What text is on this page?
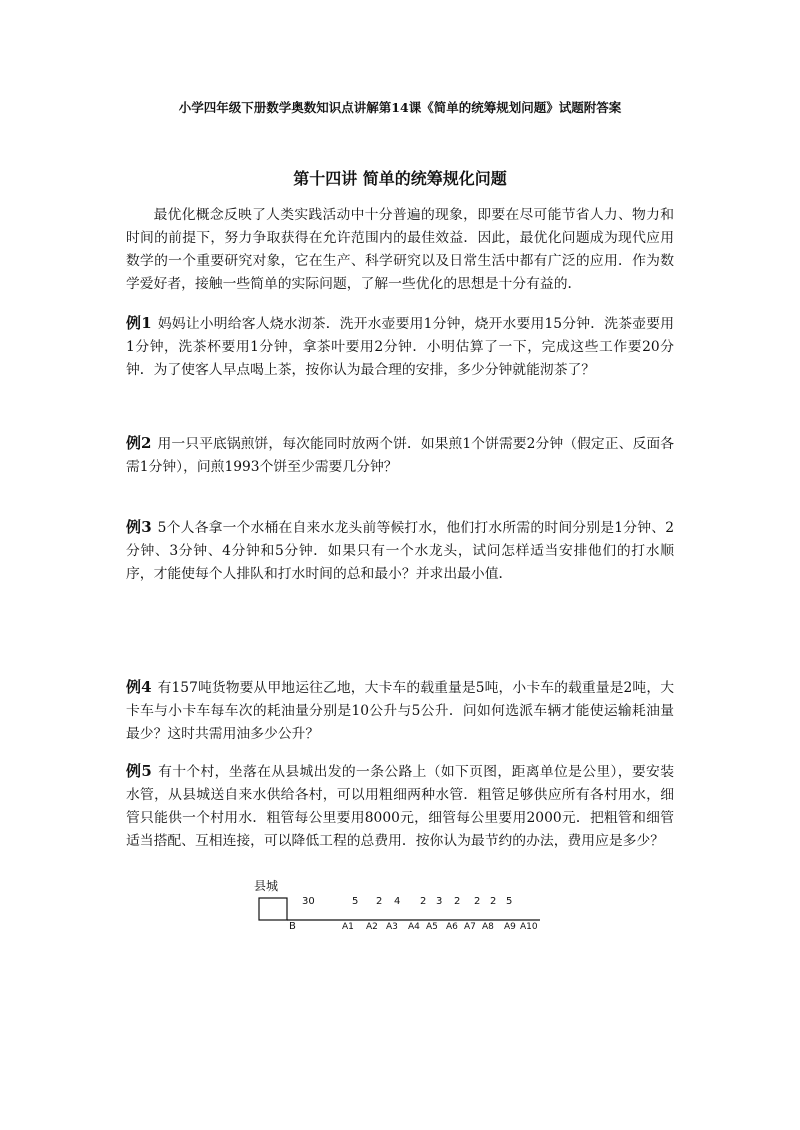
小学四年级下册数学奥数知识点讲解第14课《简单的统筹规划问题》试题附答案
第十四讲 简单的统筹规化问题

最优化概念反映了人类实践活动中十分普遍的现象，即要在尽可能节省人力、物力和时间的前提下，努力争取获得在允许范围内的最佳效益．因此，最优化问题成为现代应用数学的一个重要研究对象，它在生产、科学研究以及日常生活中都有广泛的应用．作为数学爱好者，接触一些简单的实际问题，了解一些优化的思想是十分有益的．

例1 妈妈让小明给客人烧水沏茶．洗开水壶要用1分钟，烧开水要用15分钟．洗茶壶要用1分钟，洗茶杯要用1分钟，拿茶叶要用2分钟．小明估算了一下，完成这些工作要20分钟．为了使客人早点喝上茶，按你认为最合理的安排，多少分钟就能沏茶了？

例2 用一只平底锅煎饼，每次能同时放两个饼．如果煎1个饼需要2分钟（假定正、反面各需1分钟），问煎1993个饼至少需要几分钟？

例3 5个人各拿一个水桶在自来水龙头前等候打水，他们打水所需的时间分别是1分钟、2分钟、3分钟、4分钟和5分钟．如果只有一个水龙头，试问怎样适当安排他们的打水顺序，才能使每个人排队和打水时间的总和最小？并求出最小值．

例4 有157吨货物要从甲地运往乙地，大卡车的载重量是5吨，小卡车的载重量是2吨，大卡车与小卡车每车次的耗油量分别是10公升与5公升．问如何选派车辆才能使运输耗油量最少？这时共需用油多少公升？

例5 有十个村，坐落在从县城出发的一条公路上（如下页图，距离单位是公里），要安装水管，从县城送自来水供给各村，可以用粗细两种水管．粗管足够供应所有各村用水，细管只能供一个村用水．粗管每公里要用8000元，细管每公里要用2000元．把粗管和细管适当搭配、互相连接，可以降低工程的总费用．按你认为最节约的办法，费用应是多少？

县城
B
30	5 2 4 2 3 2 2 2 5
A1 A2 A3 A4 A5 A6 A7 A8 A9 A10
